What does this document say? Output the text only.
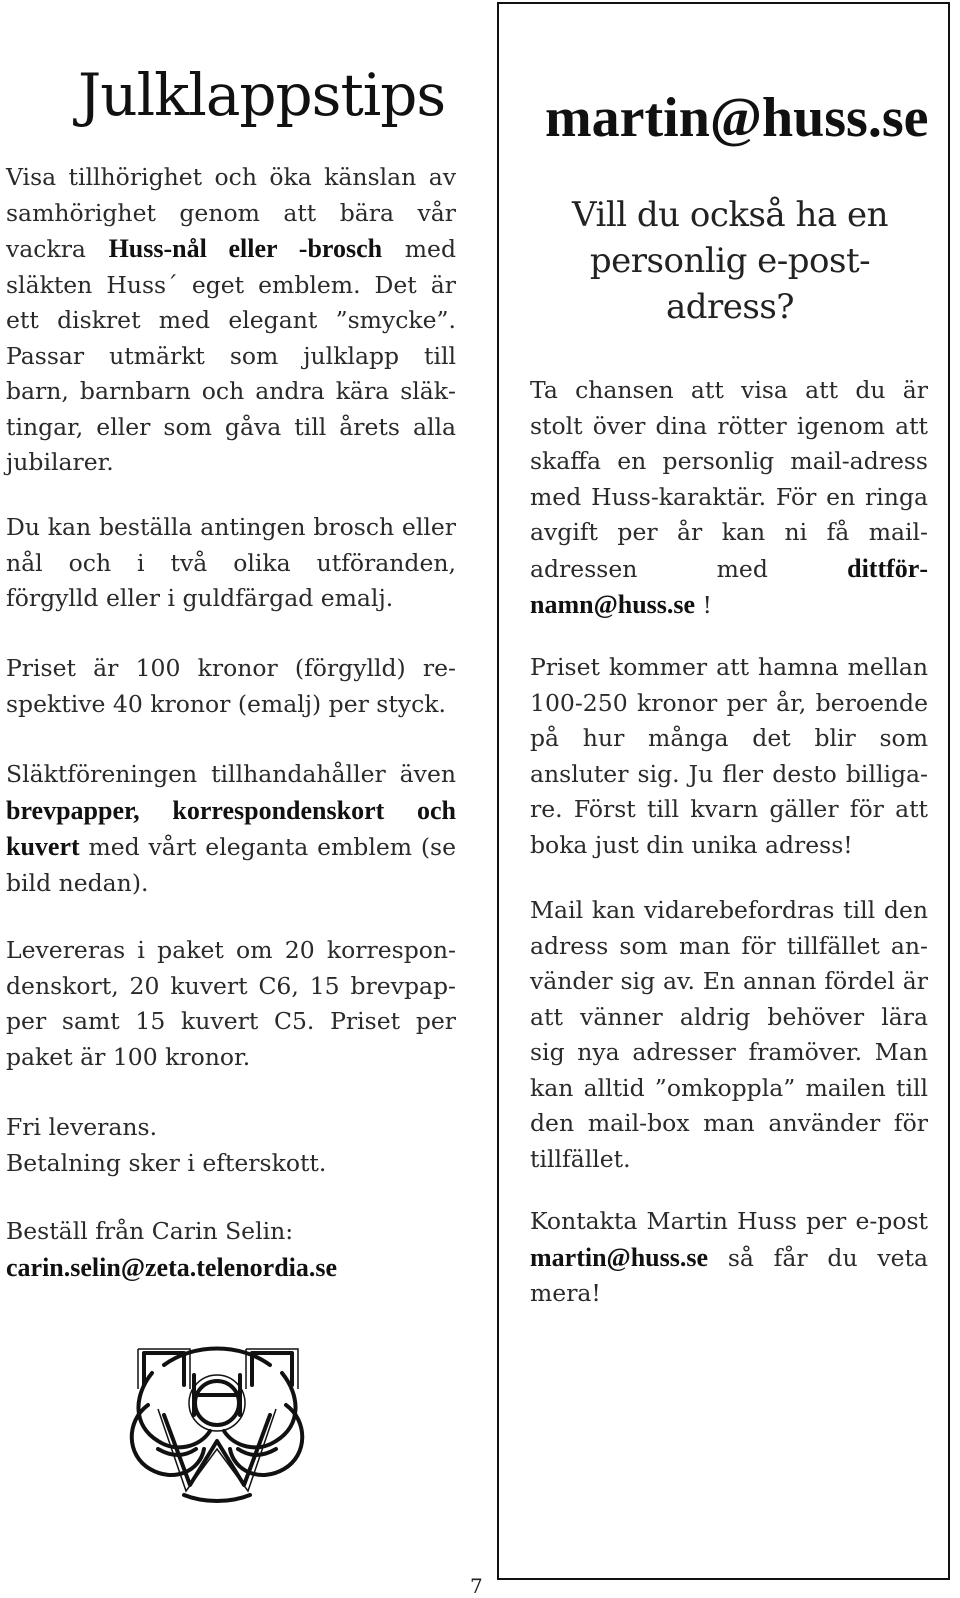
Julklappstips
Visa tillhörighet och öka känslan av samhörighet genom att bära vår vackra Huss-nål eller -brosch med släkten Huss´ eget emblem. Det är ett diskret med elegant ”smycke”. Passar utmärkt som julklapp till barn, barnbarn och andra kära släktingar, eller som gåva till årets alla jubilarer.
Du kan beställa antingen brosch eller nål och i två olika utföranden, förgylld eller i guldfärgad emalj.
Priset är 100 kronor (förgylld) respektive 40 kronor (emalj) per styck.
Släktföreningen tillhandahåller även brevpapper, korrespondenskort och kuvert med vårt eleganta emblem (se bild nedan).
Levereras i paket om 20 korrespondenskort, 20 kuvert C6, 15 brevpapper samt 15 kuvert C5. Priset per paket är 100 kronor.
Fri leverans.
Betalning sker i efterskott.
Beställ från Carin Selin:
carin.selin@zeta.telenordia.se
martin@huss.se
Vill du också ha en personlig e-post-adress?
Ta chansen att visa att du är stolt över dina rötter igenom att skaffa en personlig mail-adress med Huss-karaktär. För en ringa avgift per år kan ni få mail-adressen med dittförnamn@huss.se !
Priset kommer att hamna mellan 100-250 kronor per år, beroende på hur många det blir som ansluter sig. Ju fler desto billigare. Först till kvarn gäller för att boka just din unika adress!
Mail kan vidarebefordras till den adress som man för tillfället använder sig av. En annan fördel är att vänner aldrig behöver lära sig nya adresser framöver. Man kan alltid ”omkoppla” mailen till den mail-box man använder för tillfället.
Kontakta Martin Huss per e-post martin@huss.se så får du veta mera!
7
